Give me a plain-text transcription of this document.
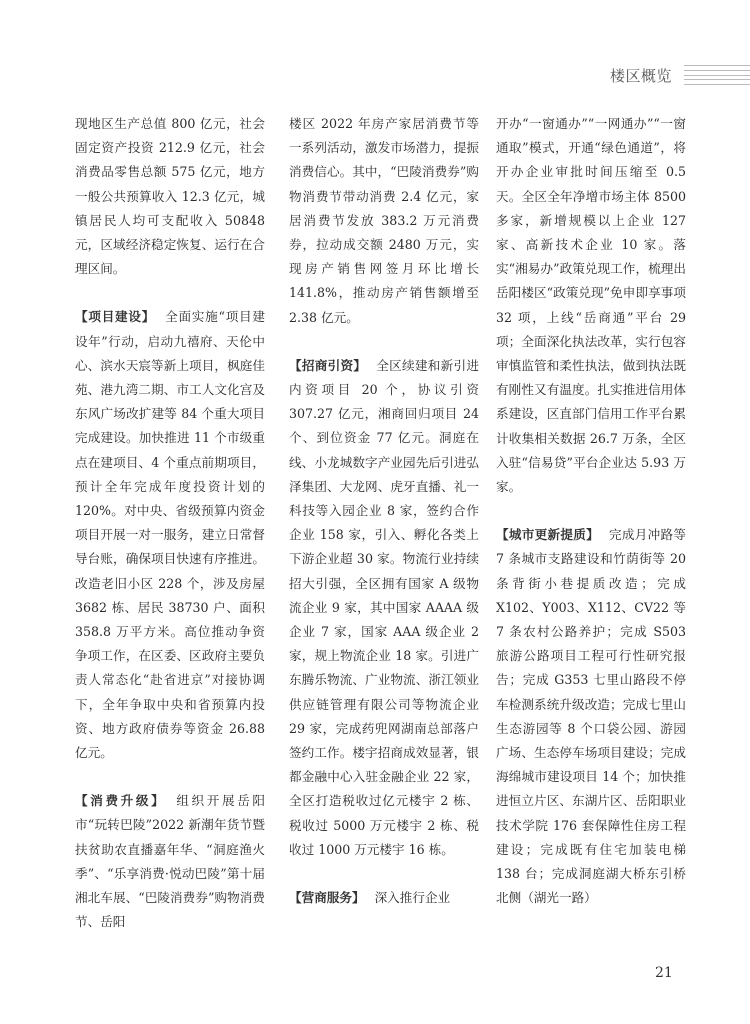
楼区概览

现地区生产总值 800 亿元，社会固定资产投资 212.9 亿元，社会消费品零售总额 575 亿元，地方一般公共预算收入 12.3 亿元，城镇居民人均可支配收入 50848 元，区域经济稳定恢复、运行在合理区间。

【项目建设】 全面实施“项目建设年”行动，启动九禧府、天伦中心、滨水天宸等新上项目，枫庭佳苑、港九湾二期、市工人文化宫及东风广场改扩建等 84 个重大项目完成建设。加快推进 11 个市级重点在建项目、4 个重点前期项目，预计全年完成年度投资计划的 120%。对中央、省级预算内资金项目开展一对一服务，建立日常督导台账，确保项目快速有序推进。改造老旧小区 228 个，涉及房屋 3682 栋、居民 38730 户、面积 358.8 万平方米。高位推动争资争项工作，在区委、区政府主要负责人常态化“赴省进京”对接协调下，全年争取中央和省预算内投资、地方政府债券等资金 26.88 亿元。

【消费升级】 组织开展岳阳市“玩转巴陵”2022 新潮年货节暨扶贫助农直播嘉年华、“洞庭渔火季”、“乐享消费·悦动巴陵”第十届湘北车展、“巴陵消费券”购物消费节、岳阳

楼区 2022 年房产家居消费节等一系列活动，激发市场潜力，提振消费信心。其中，“巴陵消费券”购物消费节带动消费 2.4 亿元，家居消费节发放 383.2 万元消费券，拉动成交额 2480 万元，实现房产销售网签月环比增长 141.8%，推动房产销售额增至 2.38 亿元。

【招商引资】 全区续建和新引进内资项目 20 个，协议引资 307.27 亿元，湘商回归项目 24 个、到位资金 77 亿元。洞庭在线、小龙城数字产业园先后引进弘泽集团、大龙网、虎牙直播、礼一科技等入园企业 8 家，签约合作企业 158 家，引入、孵化各类上下游企业超 30 家。物流行业持续招大引强，全区拥有国家 A 级物流企业 9 家，其中国家 AAAA 级企业 7 家，国家 AAA 级企业 2 家，规上物流企业 18 家。引进广东腾乐物流、广业物流、浙江领业供应链管理有限公司等物流企业 29 家，完成药兜网湖南总部落户签约工作。楼宇招商成效显著，银都金融中心入驻金融企业 22 家，全区打造税收过亿元楼宇 2 栋、税收过 5000 万元楼宇 2 栋、税收过 1000 万元楼宇 16 栋。

【营商服务】 深入推行企业

开办“一窗通办”“一网通办”“一窗通取”模式，开通“绿色通道”，将开办企业审批时间压缩至 0.5 天。全区全年净增市场主体 8500 多家，新增规模以上企业 127 家、高新技术企业 10 家。落实“湘易办”政策兑现工作，梳理出岳阳楼区“政策兑现”免申即享事项 32 项，上线“岳商通”平台 29 项；全面深化执法改革，实行包容审慎监管和柔性执法，做到执法既有刚性又有温度。扎实推进信用体系建设，区直部门信用工作平台累计收集相关数据 26.7 万条，全区入驻“信易贷”平台企业达 5.93 万家。

【城市更新提质】 完成月冲路等 7 条城市支路建设和竹荫街等 20 条背街小巷提质改造；完成 X102、Y003、X112、CV22 等 7 条农村公路养护；完成 S503 旅游公路项目工程可行性研究报告；完成 G353 七里山路段不停车检测系统升级改造；完成七里山生态游园等 8 个口袋公园、游园广场、生态停车场项目建设；完成海绵城市建设项目 14 个；加快推进恒立片区、东湖片区、岳阳职业技术学院 176 套保障性住房工程建设；完成既有住宅加装电梯 138 台；完成洞庭湖大桥东引桥北侧（湖光一路）

21
